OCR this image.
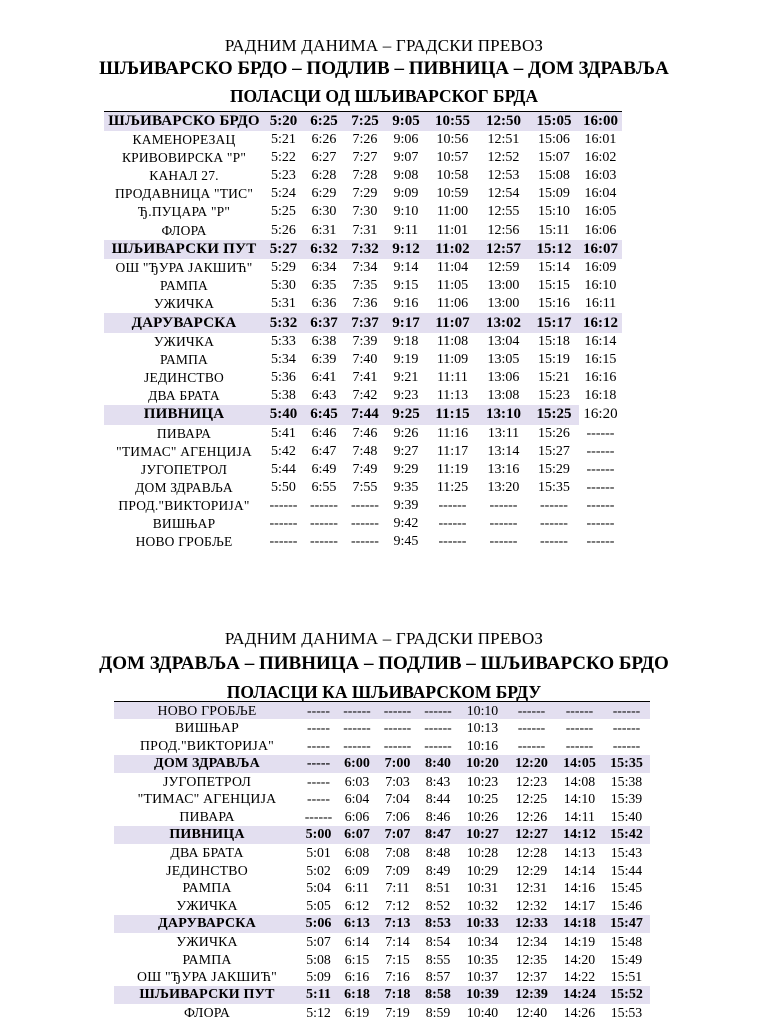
РАДНИМ ДАНИМА – ГРАДСКИ ПРЕВОЗ

ШЉИВАРСКО БРДО – ПОДЛИВ – ПИВНИЦА – ДОМ ЗДРАВЉА

ПОЛАСЦИ ОД ШЉИВАРСКОГ БРДА

ШЉИВАРСКО БРДО	5:20	6:25	7:25	9:05	10:55	12:50	15:05	16:00
КАМЕНОРЕЗАЦ	5:21	6:26	7:26	9:06	10:56	12:51	15:06	16:01
КРИВОВИРСКА "Р"	5:22	6:27	7:27	9:07	10:57	12:52	15:07	16:02
КАНАЛ 27.	5:23	6:28	7:28	9:08	10:58	12:53	15:08	16:03
ПРОДАВНИЦА "ТИС"	5:24	6:29	7:29	9:09	10:59	12:54	15:09	16:04
Ђ.ПУЦАРА "Р"	5:25	6:30	7:30	9:10	11:00	12:55	15:10	16:05
ФЛОРА	5:26	6:31	7:31	9:11	11:01	12:56	15:11	16:06
ШЉИВАРСКИ ПУТ	5:27	6:32	7:32	9:12	11:02	12:57	15:12	16:07
ОШ "ЂУРА ЈАКШИЋ"	5:29	6:34	7:34	9:14	11:04	12:59	15:14	16:09
РАМПА	5:30	6:35	7:35	9:15	11:05	13:00	15:15	16:10
УЖИЧКА	5:31	6:36	7:36	9:16	11:06	13:00	15:16	16:11
ДАРУВАРСКА	5:32	6:37	7:37	9:17	11:07	13:02	15:17	16:12
УЖИЧКА	5:33	6:38	7:39	9:18	11:08	13:04	15:18	16:14
РАМПА	5:34	6:39	7:40	9:19	11:09	13:05	15:19	16:15
ЈЕДИНСТВО	5:36	6:41	7:41	9:21	11:11	13:06	15:21	16:16
ДВА БРАТА	5:38	6:43	7:42	9:23	11:13	13:08	15:23	16:18
ПИВНИЦА	5:40	6:45	7:44	9:25	11:15	13:10	15:25	16:20
ПИВАРА	5:41	6:46	7:46	9:26	11:16	13:11	15:26	------
"ТИМАС" АГЕНЦИЈА	5:42	6:47	7:48	9:27	11:17	13:14	15:27	------
ЈУГОПЕТРОЛ	5:44	6:49	7:49	9:29	11:19	13:16	15:29	------
ДОМ ЗДРАВЉА	5:50	6:55	7:55	9:35	11:25	13:20	15:35	------
ПРОД."ВИКТОРИЈА"	------	------	------	9:39	------	------	------	------
ВИШЊАР	------	------	------	9:42	------	------	------	------
НОВО ГРОБЉЕ	------	------	------	9:45	------	------	------	------

РАДНИМ ДАНИМА – ГРАДСКИ ПРЕВОЗ

ДОМ ЗДРАВЉА – ПИВНИЦА – ПОДЛИВ – ШЉИВАРСКО БРДО

ПОЛАСЦИ КА ШЉИВАРСКОМ БРДУ

НОВО ГРОБЉЕ	-----	------	------	------	10:10	------	------	------
ВИШЊАР	-----	------	------	------	10:13	------	------	------
ПРОД."ВИКТОРИЈА"	-----	------	------	------	10:16	------	------	------
ДОМ ЗДРАВЉА	-----	6:00	7:00	8:40	10:20	12:20	14:05	15:35
ЈУГОПЕТРОЛ	-----	6:03	7:03	8:43	10:23	12:23	14:08	15:38
"ТИМАС" АГЕНЦИЈА	-----	6:04	7:04	8:44	10:25	12:25	14:10	15:39
ПИВАРА	------	6:06	7:06	8:46	10:26	12:26	14:11	15:40
ПИВНИЦА	5:00	6:07	7:07	8:47	10:27	12:27	14:12	15:42
ДВА БРАТА	5:01	6:08	7:08	8:48	10:28	12:28	14:13	15:43
ЈЕДИНСТВО	5:02	6:09	7:09	8:49	10:29	12:29	14:14	15:44
РАМПА	5:04	6:11	7:11	8:51	10:31	12:31	14:16	15:45
УЖИЧКА	5:05	6:12	7:12	8:52	10:32	12:32	14:17	15:46
ДАРУВАРСКА	5:06	6:13	7:13	8:53	10:33	12:33	14:18	15:47
УЖИЧКА	5:07	6:14	7:14	8:54	10:34	12:34	14:19	15:48
РАМПА	5:08	6:15	7:15	8:55	10:35	12:35	14:20	15:49
ОШ "ЂУРА ЈАКШИЋ"	5:09	6:16	7:16	8:57	10:37	12:37	14:22	15:51
ШЉИВАРСКИ ПУТ	5:11	6:18	7:18	8:58	10:39	12:39	14:24	15:52
ФЛОРА	5:12	6:19	7:19	8:59	10:40	12:40	14:26	15:53
